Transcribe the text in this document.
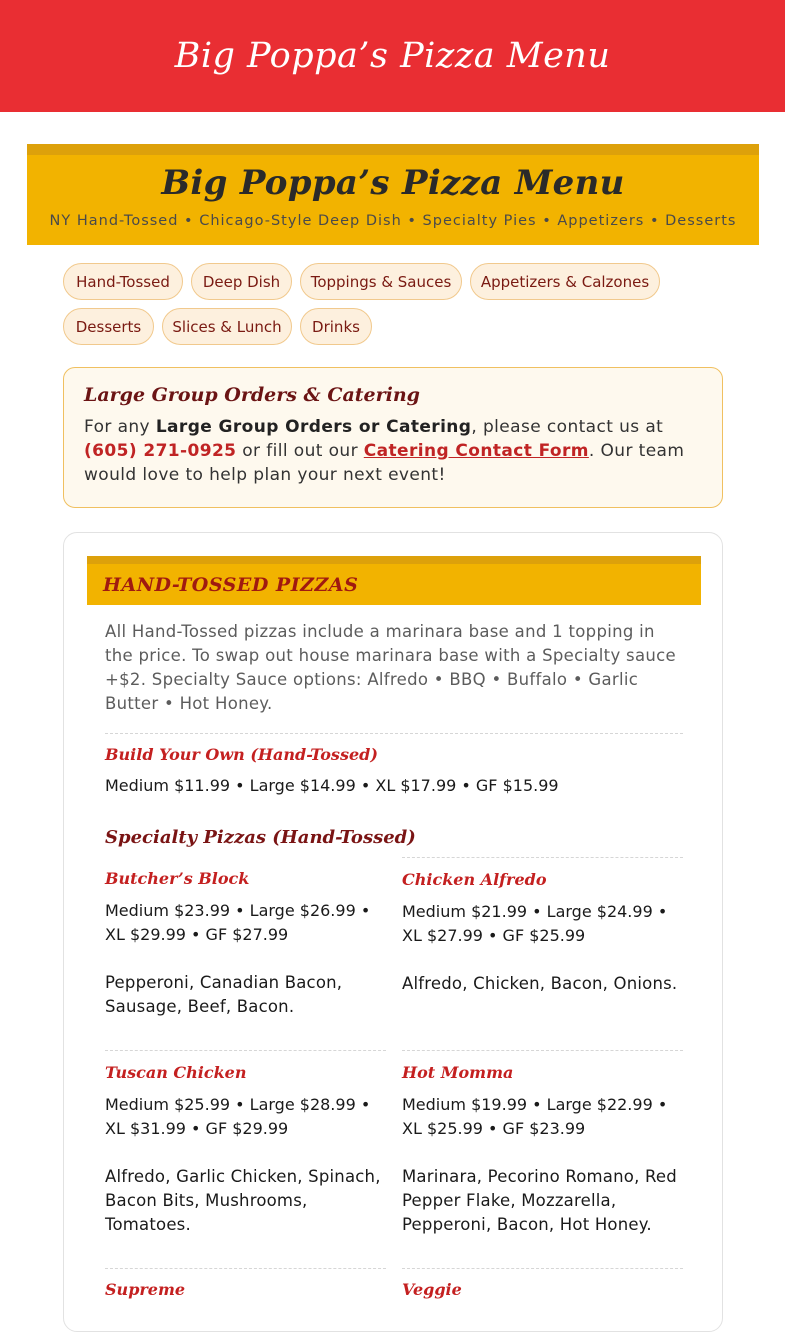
Big Poppa’s Pizza Menu
Big Poppa’s Pizza Menu
NY Hand-Tossed • Chicago-Style Deep Dish • Specialty Pies • Appetizers • Desserts
Hand-Tossed	Deep Dish	Toppings & Sauces	Appetizers & Calzones
Desserts	Slices & Lunch	Drinks
Large Group Orders & Catering

For any Large Group Orders or Catering, please contact us at (605) 271-0925 or fill out our Catering Contact Form. Our team would love to help plan your next event!

HAND-TOSSED PIZZAS
All Hand-Tossed pizzas include a marinara base and 1 topping in the price. To swap out house marinara base with a Specialty sauce +$2. Specialty Sauce options: Alfredo • BBQ • Buffalo • Garlic Butter • Hot Honey.
Build Your Own (Hand-Tossed)
Medium $11.99 • Large $14.99 • XL $17.99 • GF $15.99
Specialty Pizzas (Hand-Tossed)
Butcher’s Block
Medium $23.99 • Large $26.99 • XL $29.99 • GF $27.99
Pepperoni, Canadian Bacon, Sausage, Beef, Bacon.
Chicken Alfredo
Medium $21.99 • Large $24.99 • XL $27.99 • GF $25.99
Alfredo, Chicken, Bacon, Onions.
Tuscan Chicken
Medium $25.99 • Large $28.99 • XL $31.99 • GF $29.99
Alfredo, Garlic Chicken, Spinach, Bacon Bits, Mushrooms, Tomatoes.
Hot Momma
Medium $19.99 • Large $22.99 • XL $25.99 • GF $23.99
Marinara, Pecorino Romano, Red Pepper Flake, Mozzarella, Pepperoni, Bacon, Hot Honey.
Supreme	Veggie
